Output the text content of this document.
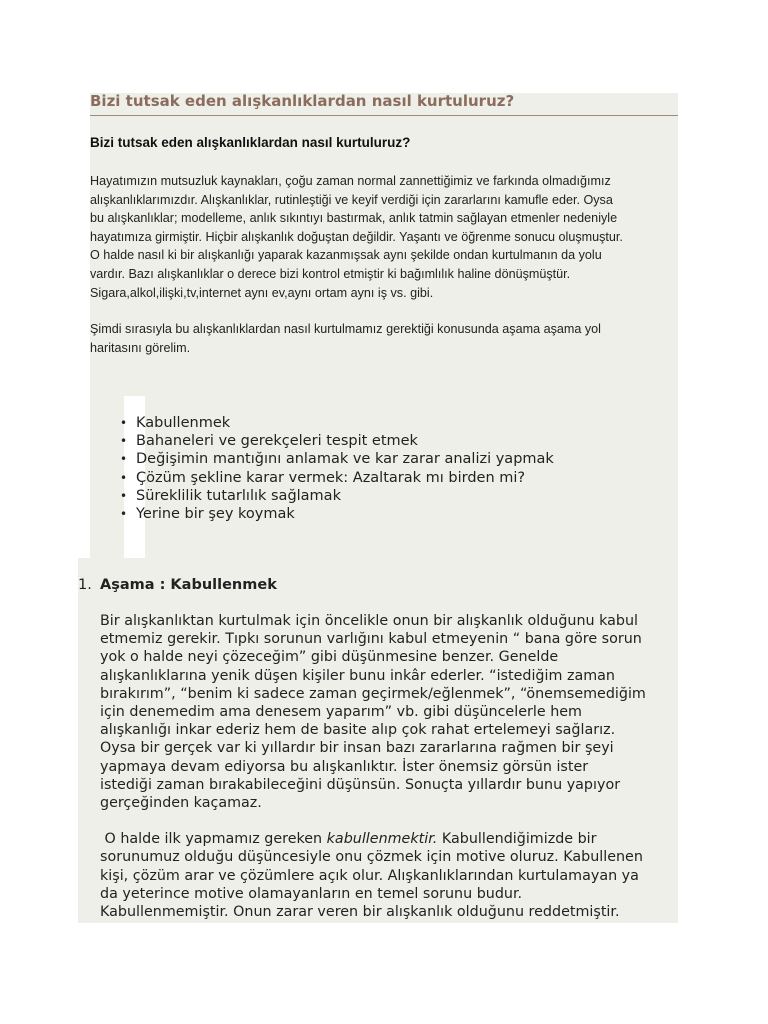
Bizi tutsak eden alışkanlıklardan nasıl kurtuluruz?
Bizi tutsak eden alışkanlıklardan nasıl kurtuluruz?

Hayatımızın mutsuzluk kaynakları, çoğu zaman normal zannettiğimiz ve farkında olmadığımız

alışkanlıklarımızdır. Alışkanlıklar, rutinleştiği ve keyif verdiği için zararlarını kamufle eder. Oysa

bu alışkanlıklar; modelleme, anlık sıkıntıyı bastırmak, anlık tatmin sağlayan etmenler nedeniyle

hayatımıza girmiştir. Hiçbir alışkanlık doğuştan değildir. Yaşantı ve öğrenme sonucu oluşmuştur.

O halde nasıl ki bir alışkanlığı yaparak kazanmışsak aynı şekilde ondan kurtulmanın da yolu

vardır. Bazı alışkanlıklar o derece bizi kontrol etmiştir ki bağımlılık haline dönüşmüştür.

Sigara,alkol,ilişki,tv,internet aynı ev,aynı ortam aynı iş vs. gibi.

Şimdi sırasıyla bu alışkanlıklardan nasıl kurtulmamız gerektiği konusunda aşama aşama yol

haritasını görelim.

• Kabullenmek
• Bahaneleri ve gerekçeleri tespit etmek
• Değişimin mantığını anlamak ve kar zarar analizi yapmak
• Çözüm şekline karar vermek: Azaltarak mı birden mi?
• Süreklilik tutarlılık sağlamak
• Yerine bir şey koymak
1. Aşama : Kabullenmek

Bir alışkanlıktan kurtulmak için öncelikle onun bir alışkanlık olduğunu kabul
etmemiz gerekir. Tıpkı sorunun varlığını kabul etmeyenin “ bana göre sorun
yok o halde neyi çözeceğim” gibi düşünmesine benzer. Genelde
alışkanlıklarına yenik düşen kişiler bunu inkâr ederler. “istediğim zaman
bırakırım”, “benim ki sadece zaman geçirmek/eğlenmek”, “önemsemediğim
için denemedim ama denesem yaparım” vb. gibi düşüncelerle hem
alışkanlığı inkar ederiz hem de basite alıp çok rahat ertelemeyi sağlarız.
Oysa bir gerçek var ki yıllardır bir insan bazı zararlarına rağmen bir şeyi
yapmaya devam ediyorsa bu alışkanlıktır. İster önemsiz görsün ister
istediği zaman bırakabileceğini düşünsün. Sonuçta yıllardır bunu yapıyor
gerçeğinden kaçamaz.

O halde ilk yapmamız gereken kabullenmektir. Kabullendiğimizde bir
sorunumuz olduğu düşüncesiyle onu çözmek için motive oluruz. Kabullenen
kişi, çözüm arar ve çözümlere açık olur. Alışkanlıklarından kurtulamayan ya
da yeterince motive olamayanların en temel sorunu budur.
Kabullenmemiştir. Onun zarar veren bir alışkanlık olduğunu reddetmiştir.
